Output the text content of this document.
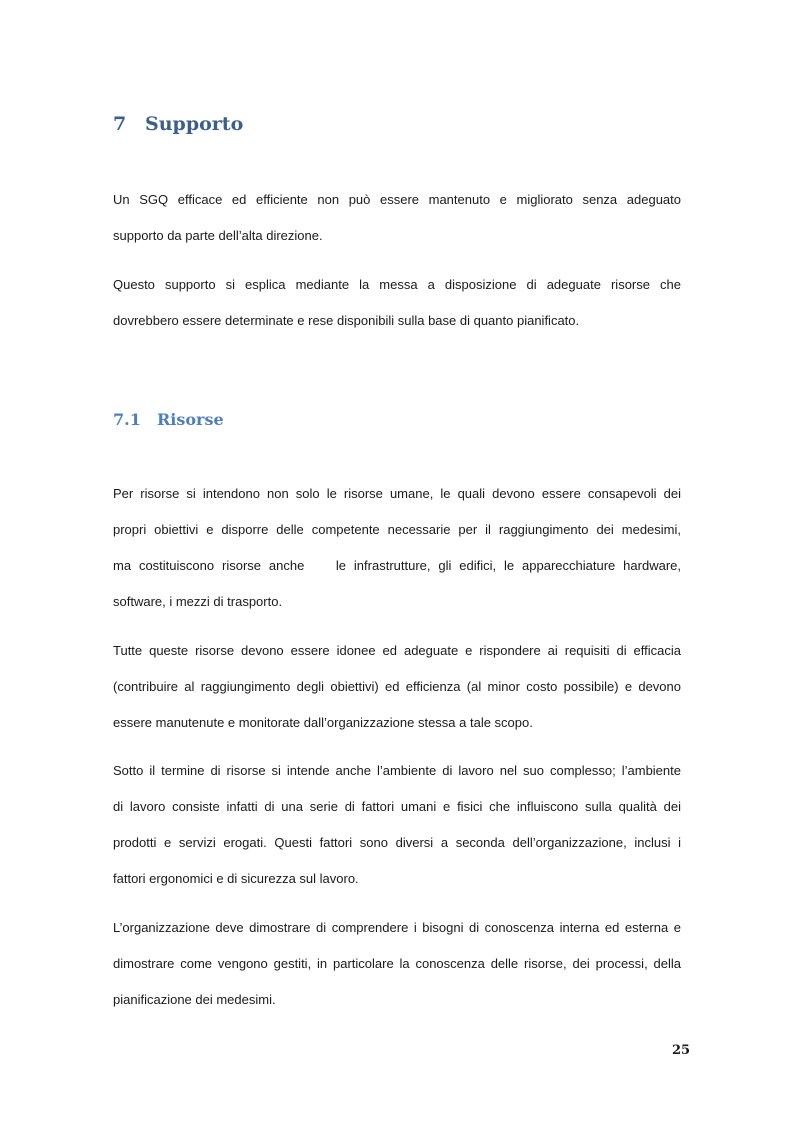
7 Supporto
Un SGQ efficace ed efficiente non può essere mantenuto e migliorato senza adeguato
supporto da parte dell’alta direzione.
Questo supporto si esplica mediante la messa a disposizione di adeguate risorse che
dovrebbero essere determinate e rese disponibili sulla base di quanto pianificato.
7.1 Risorse
Per risorse si intendono non solo le risorse umane, le quali devono essere consapevoli dei
propri obiettivi e disporre delle competente necessarie per il raggiungimento dei medesimi,
ma costituiscono risorse anche    le infrastrutture, gli edifici, le apparecchiature hardware,
software, i mezzi di trasporto.
Tutte queste risorse devono essere idonee ed adeguate e rispondere ai requisiti di efficacia
(contribuire al raggiungimento degli obiettivi) ed efficienza (al minor costo possibile) e devono
essere manutenute e monitorate dall’organizzazione stessa a tale scopo.
Sotto il termine di risorse si intende anche l’ambiente di lavoro nel suo complesso; l’ambiente
di lavoro consiste infatti di una serie di fattori umani e fisici che influiscono sulla qualità dei
prodotti e servizi erogati. Questi fattori sono diversi a seconda dell’organizzazione, inclusi i
fattori ergonomici e di sicurezza sul lavoro.
L’organizzazione deve dimostrare di comprendere i bisogni di conoscenza interna ed esterna e
dimostrare come vengono gestiti, in particolare la conoscenza delle risorse, dei processi, della
pianificazione dei medesimi.
25
